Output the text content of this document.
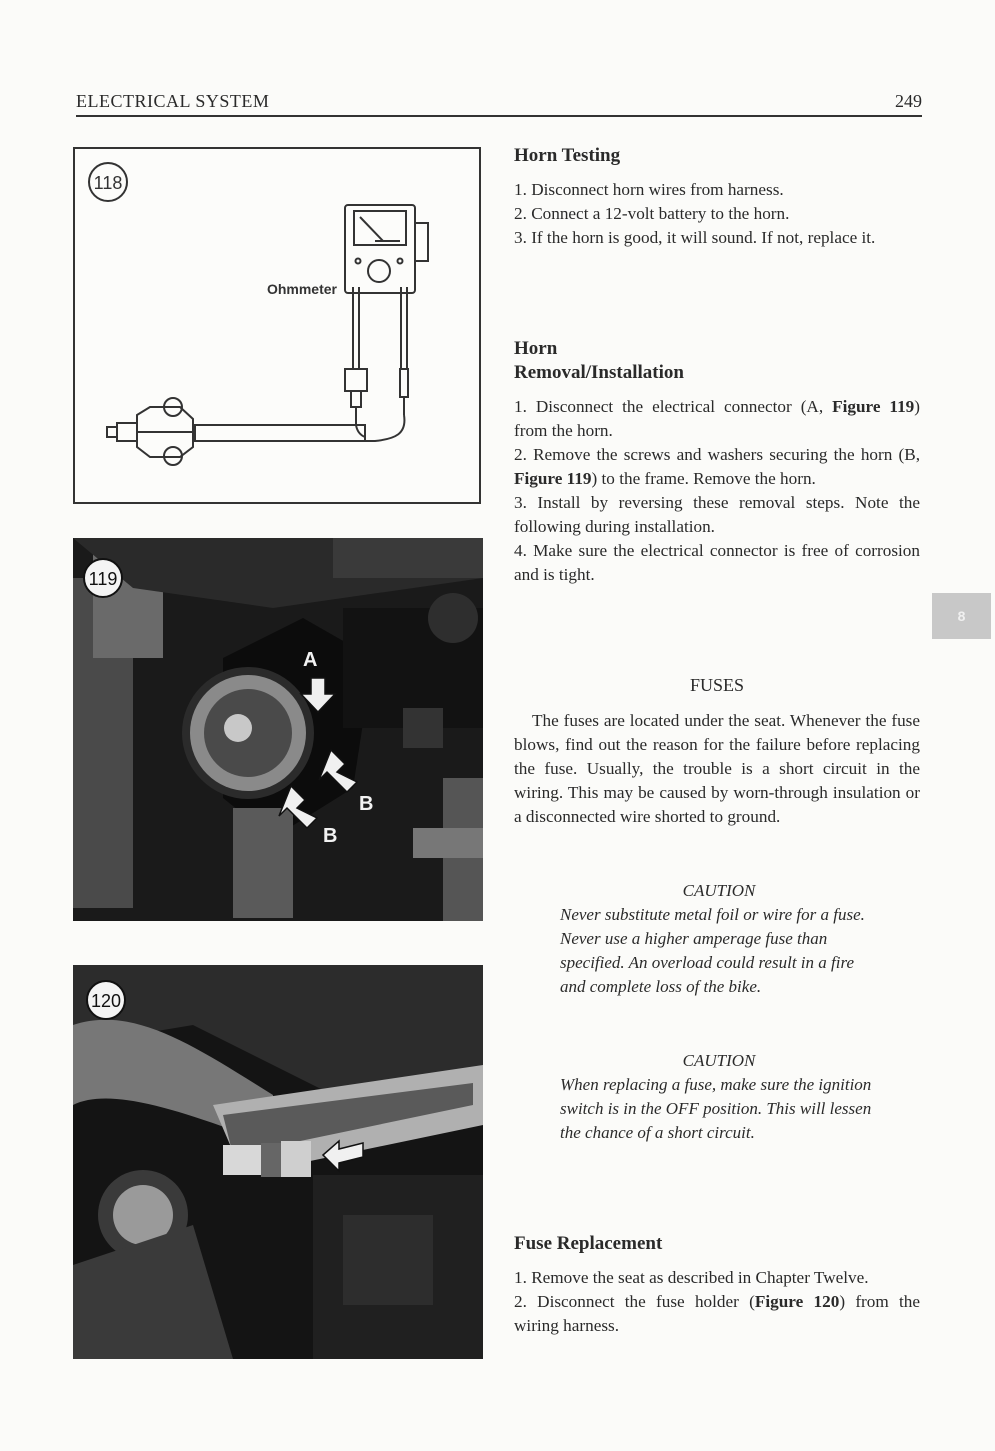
ELECTRICAL SYSTEM	249
118
Ohmmeter
A
B
B
119
120
Horn Testing
1. Disconnect horn wires from harness.
2. Connect a 12-volt battery to the horn.
3. If the horn is good, it will sound. If not, replace it.
Horn
Removal/Installation
1. Disconnect the electrical connector (A, Figure 119) from the horn.
2. Remove the screws and washers securing the horn (B, Figure 119) to the frame. Remove the horn.
3. Install by reversing these removal steps. Note the following during installation.
4. Make sure the electrical connector is free of corrosion and is tight.
FUSES

The fuses are located under the seat. Whenever the fuse blows, find out the reason for the failure before replacing the fuse. Usually, the trouble is a short circuit in the wiring. This may be caused by worn-through insulation or a disconnected wire shorted to ground.

CAUTION
Never substitute metal foil or wire for a fuse. Never use a higher amperage fuse than specified. An overload could result in a fire and complete loss of the bike.
CAUTION
When replacing a fuse, make sure the ignition switch is in the OFF position. This will lessen the chance of a short circuit.
Fuse Replacement
1. Remove the seat as described in Chapter Twelve.
2. Disconnect the fuse holder (Figure 120) from the wiring harness.
8
